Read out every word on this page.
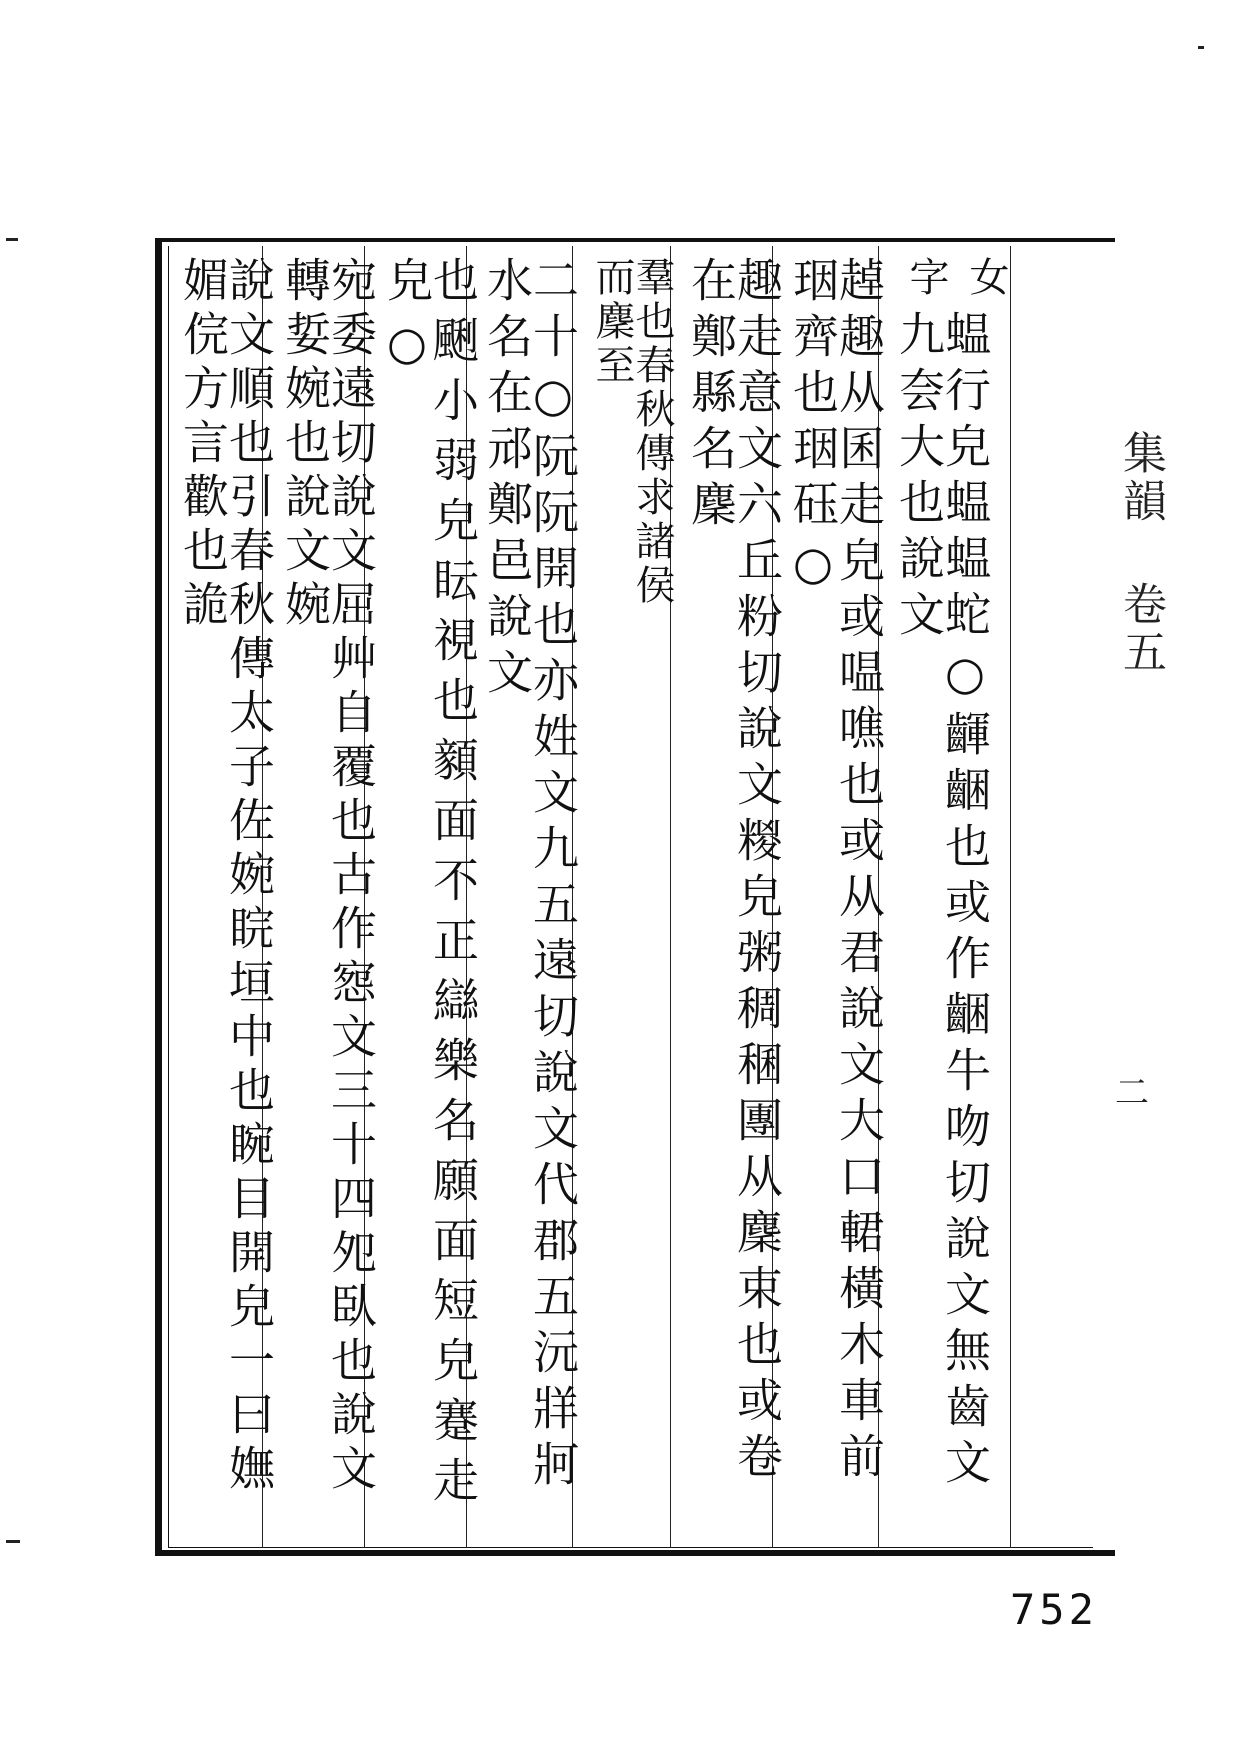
女

字

蝹行皃蝹蝹蛇○齳齫也或作齫牛吻切說文無齒文九夽大也說文
趠趣从囷走皃或嗢噍也或从君說文大口輑橫木車前珚齊也珚砡○
趣走意文六丘粉切說文糉皃粥稠稛團从麇束也或卷在鄭縣名麇
羣也春秋傳求諸侯而麇至
二十○阮阮開也亦姓文九五遠切說文代郡五沅牂牁水名在邧鄭邑說文
也䬆小弱皃眃視也顡面不正䜌樂名願面短皃蹇走皃○
宛委遠切說文屈艸自覆也古作惌文三十四夗臥也說文轉娎婉也說文婉
說文順也引春秋傳太子佐婉睆垣中也睕目開皃一曰嫵媚俒方言歡也詭	集韻 卷五
二
752
